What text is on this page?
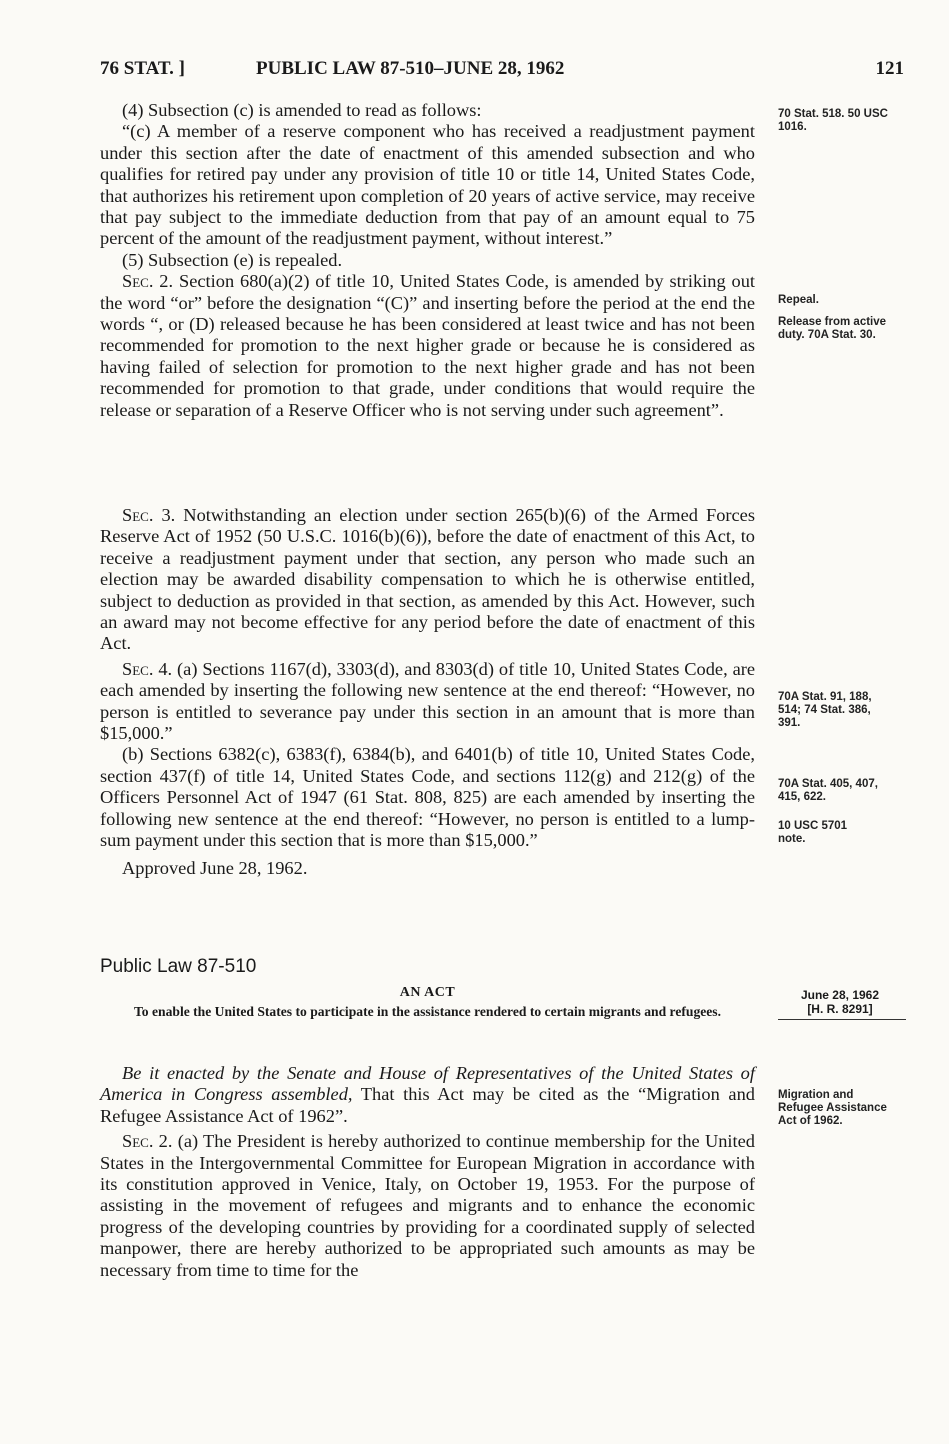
76 STAT. ]	PUBLIC LAW 87-510–JUNE 28, 1962	121

(4) Subsection (c) is amended to read as follows:

“(c) A member of a reserve component who has received a readjustment payment under this section after the date of enactment of this amended subsection and who qualifies for retired pay under any provision of title 10 or title 14, United States Code, that authorizes his retirement upon completion of 20 years of active service, may receive that pay subject to the immediate deduction from that pay of an amount equal to 75 percent of the amount of the readjustment payment, without interest.”

(5) Subsection (e) is repealed.

Sec. 2. Section 680(a)(2) of title 10, United States Code, is amended by striking out the word “or” before the designation “(C)” and inserting before the period at the end the words “, or (D) released because he has been considered at least twice and has not been recommended for promotion to the next higher grade or because he is considered as having failed of selection for promotion to the next higher grade and has not been recommended for promotion to that grade, under conditions that would require the release or separation of a Reserve Officer who is not serving under such agreement”.

Sec. 3. Notwithstanding an election under section 265(b)(6) of the Armed Forces Reserve Act of 1952 (50 U.S.C. 1016(b)(6)), before the date of enactment of this Act, to receive a readjustment payment under that section, any person who made such an election may be awarded disability compensation to which he is otherwise entitled, subject to deduction as provided in that section, as amended by this Act. However, such an award may not become effective for any period before the date of enactment of this Act.

Sec. 4. (a) Sections 1167(d), 3303(d), and 8303(d) of title 10, United States Code, are each amended by inserting the following new sentence at the end thereof: “However, no person is entitled to severance pay under this section in an amount that is more than $15,000.”

(b) Sections 6382(c), 6383(f), 6384(b), and 6401(b) of title 10, United States Code, section 437(f) of title 14, United States Code, and sections 112(g) and 212(g) of the Officers Personnel Act of 1947 (61 Stat. 808, 825) are each amended by inserting the following new sentence at the end thereof: “However, no person is entitled to a lump-sum payment under this section that is more than $15,000.”

Approved June 28, 1962.

70 Stat. 518. 50 USC 1016.
Repeal.
Release from active duty. 70A Stat. 30.
70A Stat. 91, 188, 514; 74 Stat. 386, 391.
70A Stat. 405, 407, 415, 622.
10 USC 5701 note.
Migration and Refugee Assistance Act of 1962.
Public Law 87-510
AN ACT
To enable the United States to participate in the assistance rendered to certain migrants and refugees.
June 28, 1962
[H. R. 8291]

Be it enacted by the Senate and House of Representatives of the United States of America in Congress assembled, That this Act may be cited as the “Migration and Refugee Assistance Act of 1962”.

Sec. 2. (a) The President is hereby authorized to continue membership for the United States in the Intergovernmental Committee for European Migration in accordance with its constitution approved in Venice, Italy, on October 19, 1953. For the purpose of assisting in the movement of refugees and migrants and to enhance the economic progress of the developing countries by providing for a coordinated supply of selected manpower, there are hereby authorized to be appropriated such amounts as may be necessary from time to time for the
